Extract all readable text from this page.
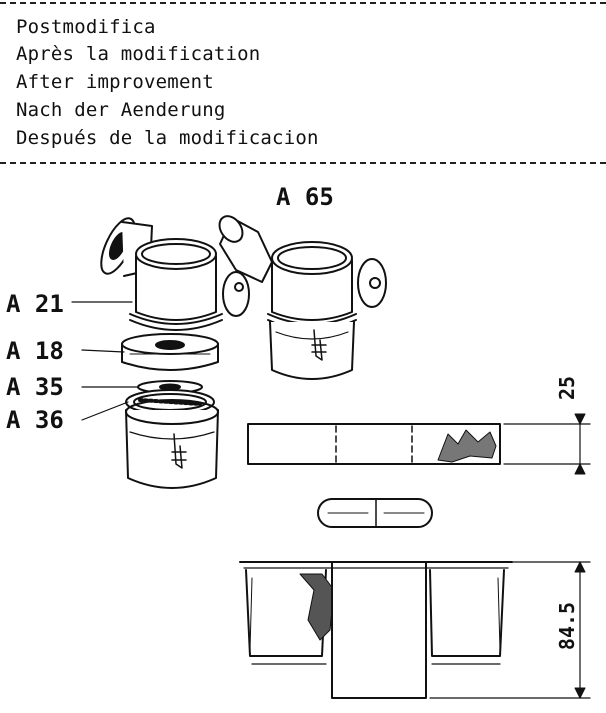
Postmodifica
Après la modification
After improvement
Nach der Aenderung
Después de la modificacion
A 65
A 21
A 18
A 35
A 36
25
84.5
